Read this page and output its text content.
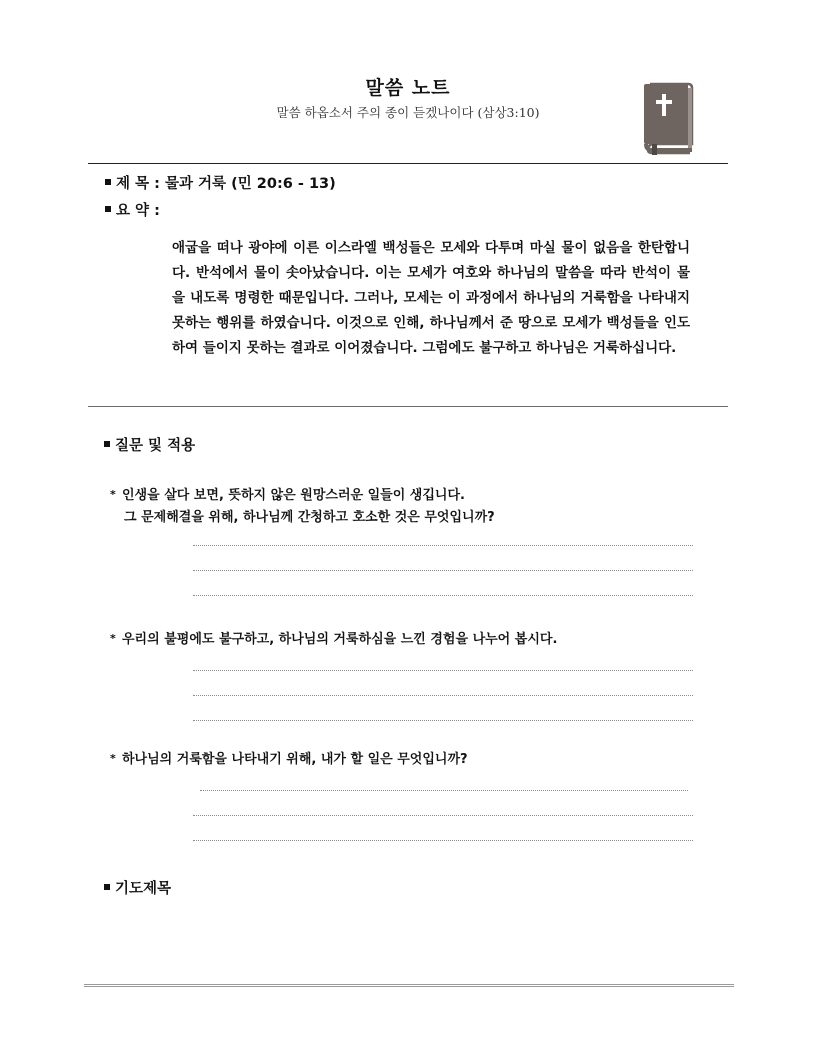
말씀 노트
말씀 하옵소서 주의 종이 듣겠나이다 (삼상3:10)
제 목 : 물과 거룩 (민 20:6 - 13)
요 약 :
애굽을 떠나 광야에 이른 이스라엘 백성들은 모세와 다투며 마실 물이 없음을 한탄합니다. 반석에서 물이 솟아났습니다. 이는 모세가 여호와 하나님의 말씀을 따라 반석이 물을 내도록 명령한 때문입니다. 그러나, 모세는 이 과정에서 하나님의 거룩함을 나타내지 못하는 행위를 하였습니다. 이것으로 인해, 하나님께서 준 땅으로 모세가 백성들을 인도하여 들이지 못하는 결과로 이어졌습니다. 그럼에도 불구하고 하나님은 거룩하십니다.
질문 및 적용
* 인생을 살다 보면, 뜻하지 않은 원망스러운 일들이 생깁니다.
그 문제해결을 위해, 하나님께 간청하고 호소한 것은 무엇입니까?
* 우리의 불평에도 불구하고, 하나님의 거룩하심을 느낀 경험을 나누어 봅시다.
* 하나님의 거룩함을 나타내기 위해, 내가 할 일은 무엇입니까?
기도제목
